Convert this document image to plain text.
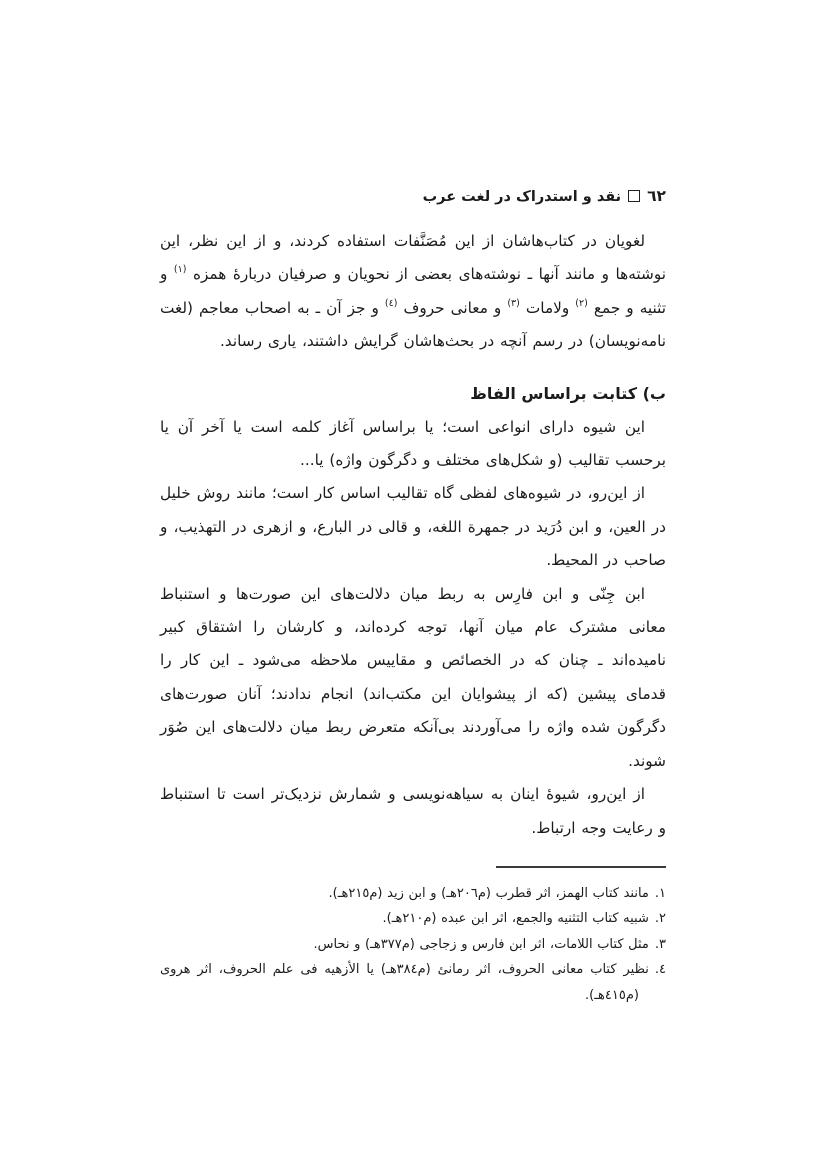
٦٢نقد و استدراک در لغت عرب

لغویان در کتاب‌هاشان از این مُصَنَّفات استفاده کردند، و از این نظر، این نوشته‌ها و مانند آنها ـ نوشته‌های بعضی از نحویان و صرفیان دربارهٔ همزه $^{(١)}$ و تثنیه و جمع $^{(٢)}$ ولامات $^{(٣)}$ و معانی حروف $^{(٤)}$ و جز آن ـ به اصحاب معاجم (لغت نامه‌نویسان) در رسم آنچه در بحث‌هاشان گرایش داشتند، یاری رساند.

ب) کتابت براساس الفاظ

این شیوه دارای انواعی است؛ یا براساس آغاز کلمه است یا آخر آن یا برحسب تقالیب (و شکل‌های مختلف و دگرگون واژه) یا...

از این‌رو، در شیوه‌های لفظی گاه تقالیب اساس کار است؛ مانند روش خلیل در العین، و ابن دُرَید در جمهرة اللغه، و قالی در البارع، و ازهری در التهذیب، و صاحب در المحیط.

ابن جِنّی و ابن فارِس به ربط میان دلالت‌های این صورت‌ها و استنباط معانی مشترک عام میان آنها، توجه کرده‌اند، و کارشان را اشتقاق کبیر نامیده‌اند ـ چنان که در الخصائص و مقاییس ملاحظه می‌شود ـ این کار را قدمای پیشین (که از پیشوایان این مکتب‌اند) انجام ندادند؛ آنان صورت‌های دگرگون شده واژه را می‌آوردند بی‌آنکه متعرض ربط میان دلالت‌های این صُوَر شوند.

از این‌رو، شیوهٔ اینان به سیاهه‌نویسی و شمارش نزدیک‌تر است تا استنباط و رعایت وجه ارتباط.

١.مانند کتاب الهمز، اثر قطرب (م٢٠٦هـ) و ابن زید (م٢١٥هـ).
٢.شبیه کتاب التثنیه والجمع، اثر ابن عبده (م٢١٠هـ).
٣.مثل کتاب اللامات، اثر ابن فارس و زجاجی (م٣٧٧هـ) و نحاس.
٤.نظیر کتاب معانی الحروف، اثر رمانئ (م٣٨٤هـ) یا الأزهیه فی علم الحروف، اثر هروی (م٤١٥هـ).
